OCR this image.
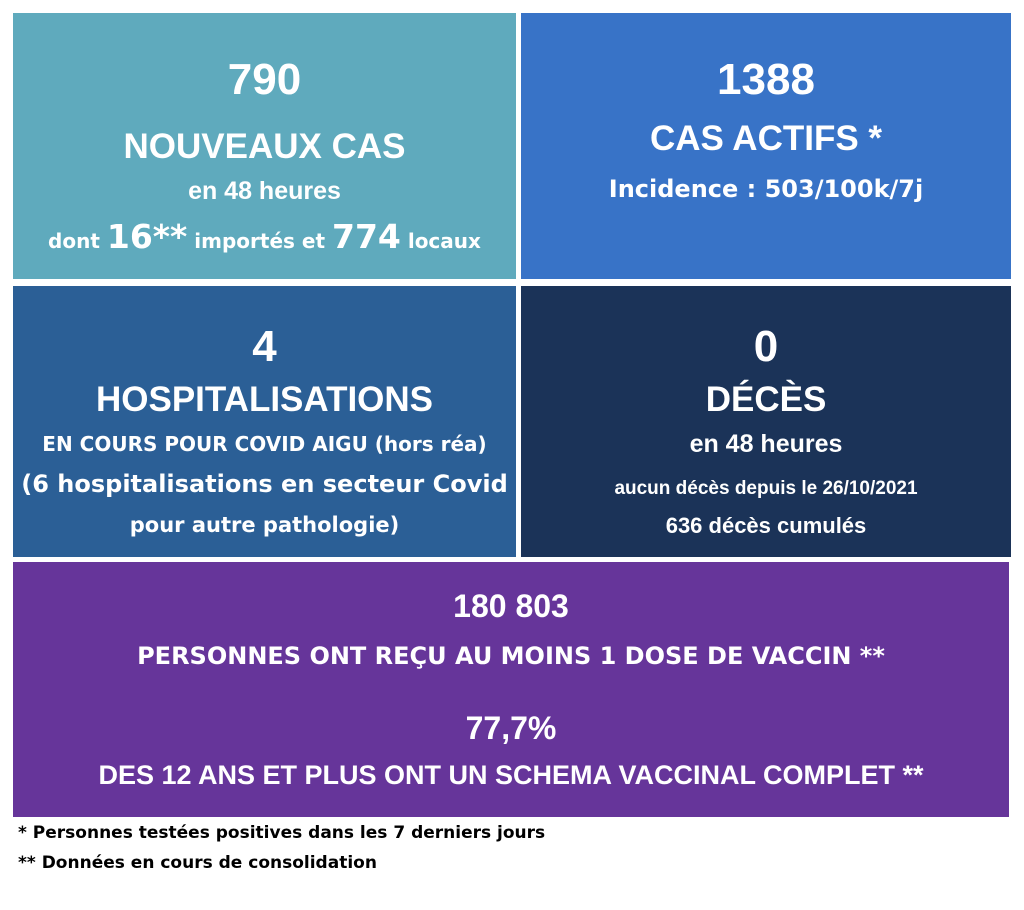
790
NOUVEAUX CAS
en 48 heures
dont 16** importés et 774 locaux
1388
CAS ACTIFS *
Incidence : 503/100k/7j
4
HOSPITALISATIONS
EN COURS POUR COVID AIGU (hors réa)
(6 hospitalisations en secteur Covid
pour autre pathologie)
0
DÉCÈS
en 48 heures
aucun décès depuis le 26/10/2021
636 décès cumulés
180 803
PERSONNES ONT REÇU AU MOINS 1 DOSE DE VACCIN **
77,7%
DES 12 ANS ET PLUS ONT UN SCHEMA VACCINAL COMPLET **
* Personnes testées positives dans les 7 derniers jours
** Données en cours de consolidation
